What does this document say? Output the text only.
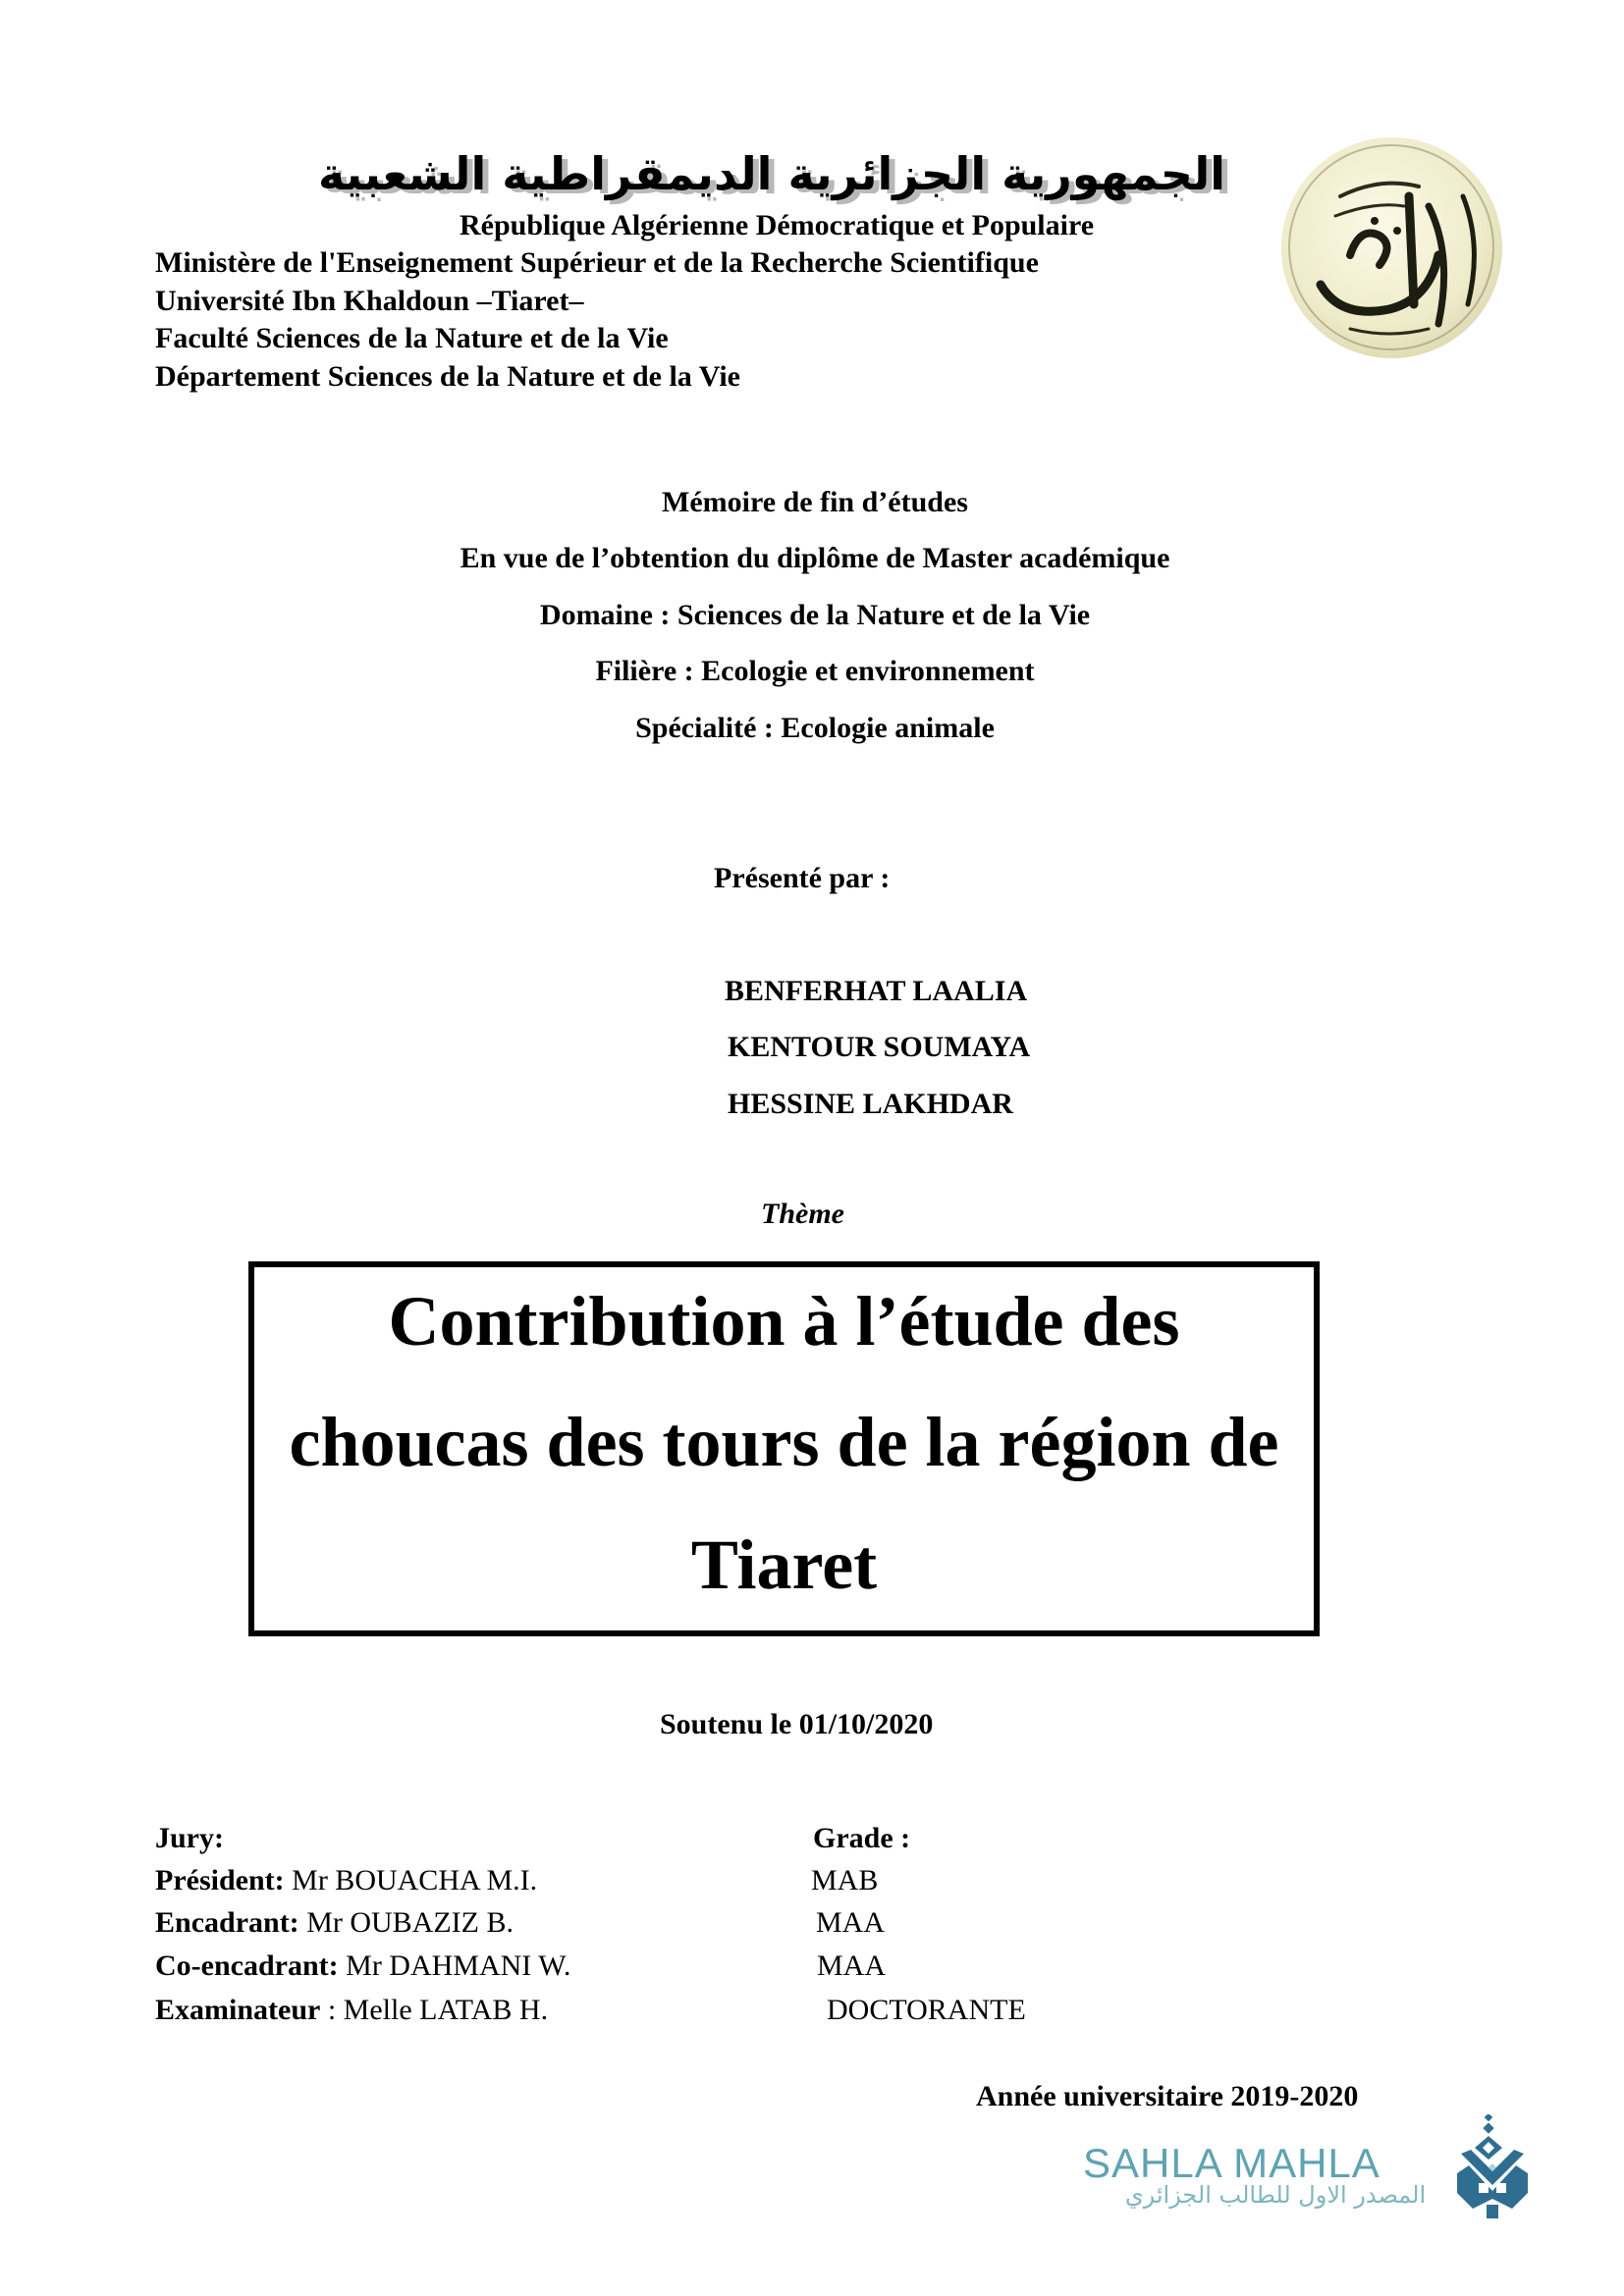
الجمهورية الجزائرية الديمقراطية الشعبية
République Algérienne Démocratique et Populaire
Ministère de l'Enseignement Supérieur et de la Recherche Scientifique
Université Ibn Khaldoun –Tiaret–
Faculté Sciences de la Nature et de la Vie
Département Sciences de la Nature et de la Vie
Mémoire de fin d’études
En vue de l’obtention du diplôme de Master académique
Domaine : Sciences de la Nature et de la Vie
Filière : Ecologie et environnement
Spécialité : Ecologie animale
Présenté par :
BENFERHAT LAALIA
KENTOUR SOUMAYA
HESSINE LAKHDAR
Thème
Contribution à l’étude des
choucas des tours de la région de
Tiaret
Soutenu le 01/10/2020
Jury:	Grade :
Président: Mr BOUACHA M.I.	MAB
Encadrant: Mr OUBAZIZ B.	MAA
Co-encadrant: Mr DAHMANI W.	MAA
Examinateur : Melle LATAB H.	DOCTORANTE
Année universitaire 2019-2020
SAHLA MAHLA
المصدر الاول للطالب الجزائري
